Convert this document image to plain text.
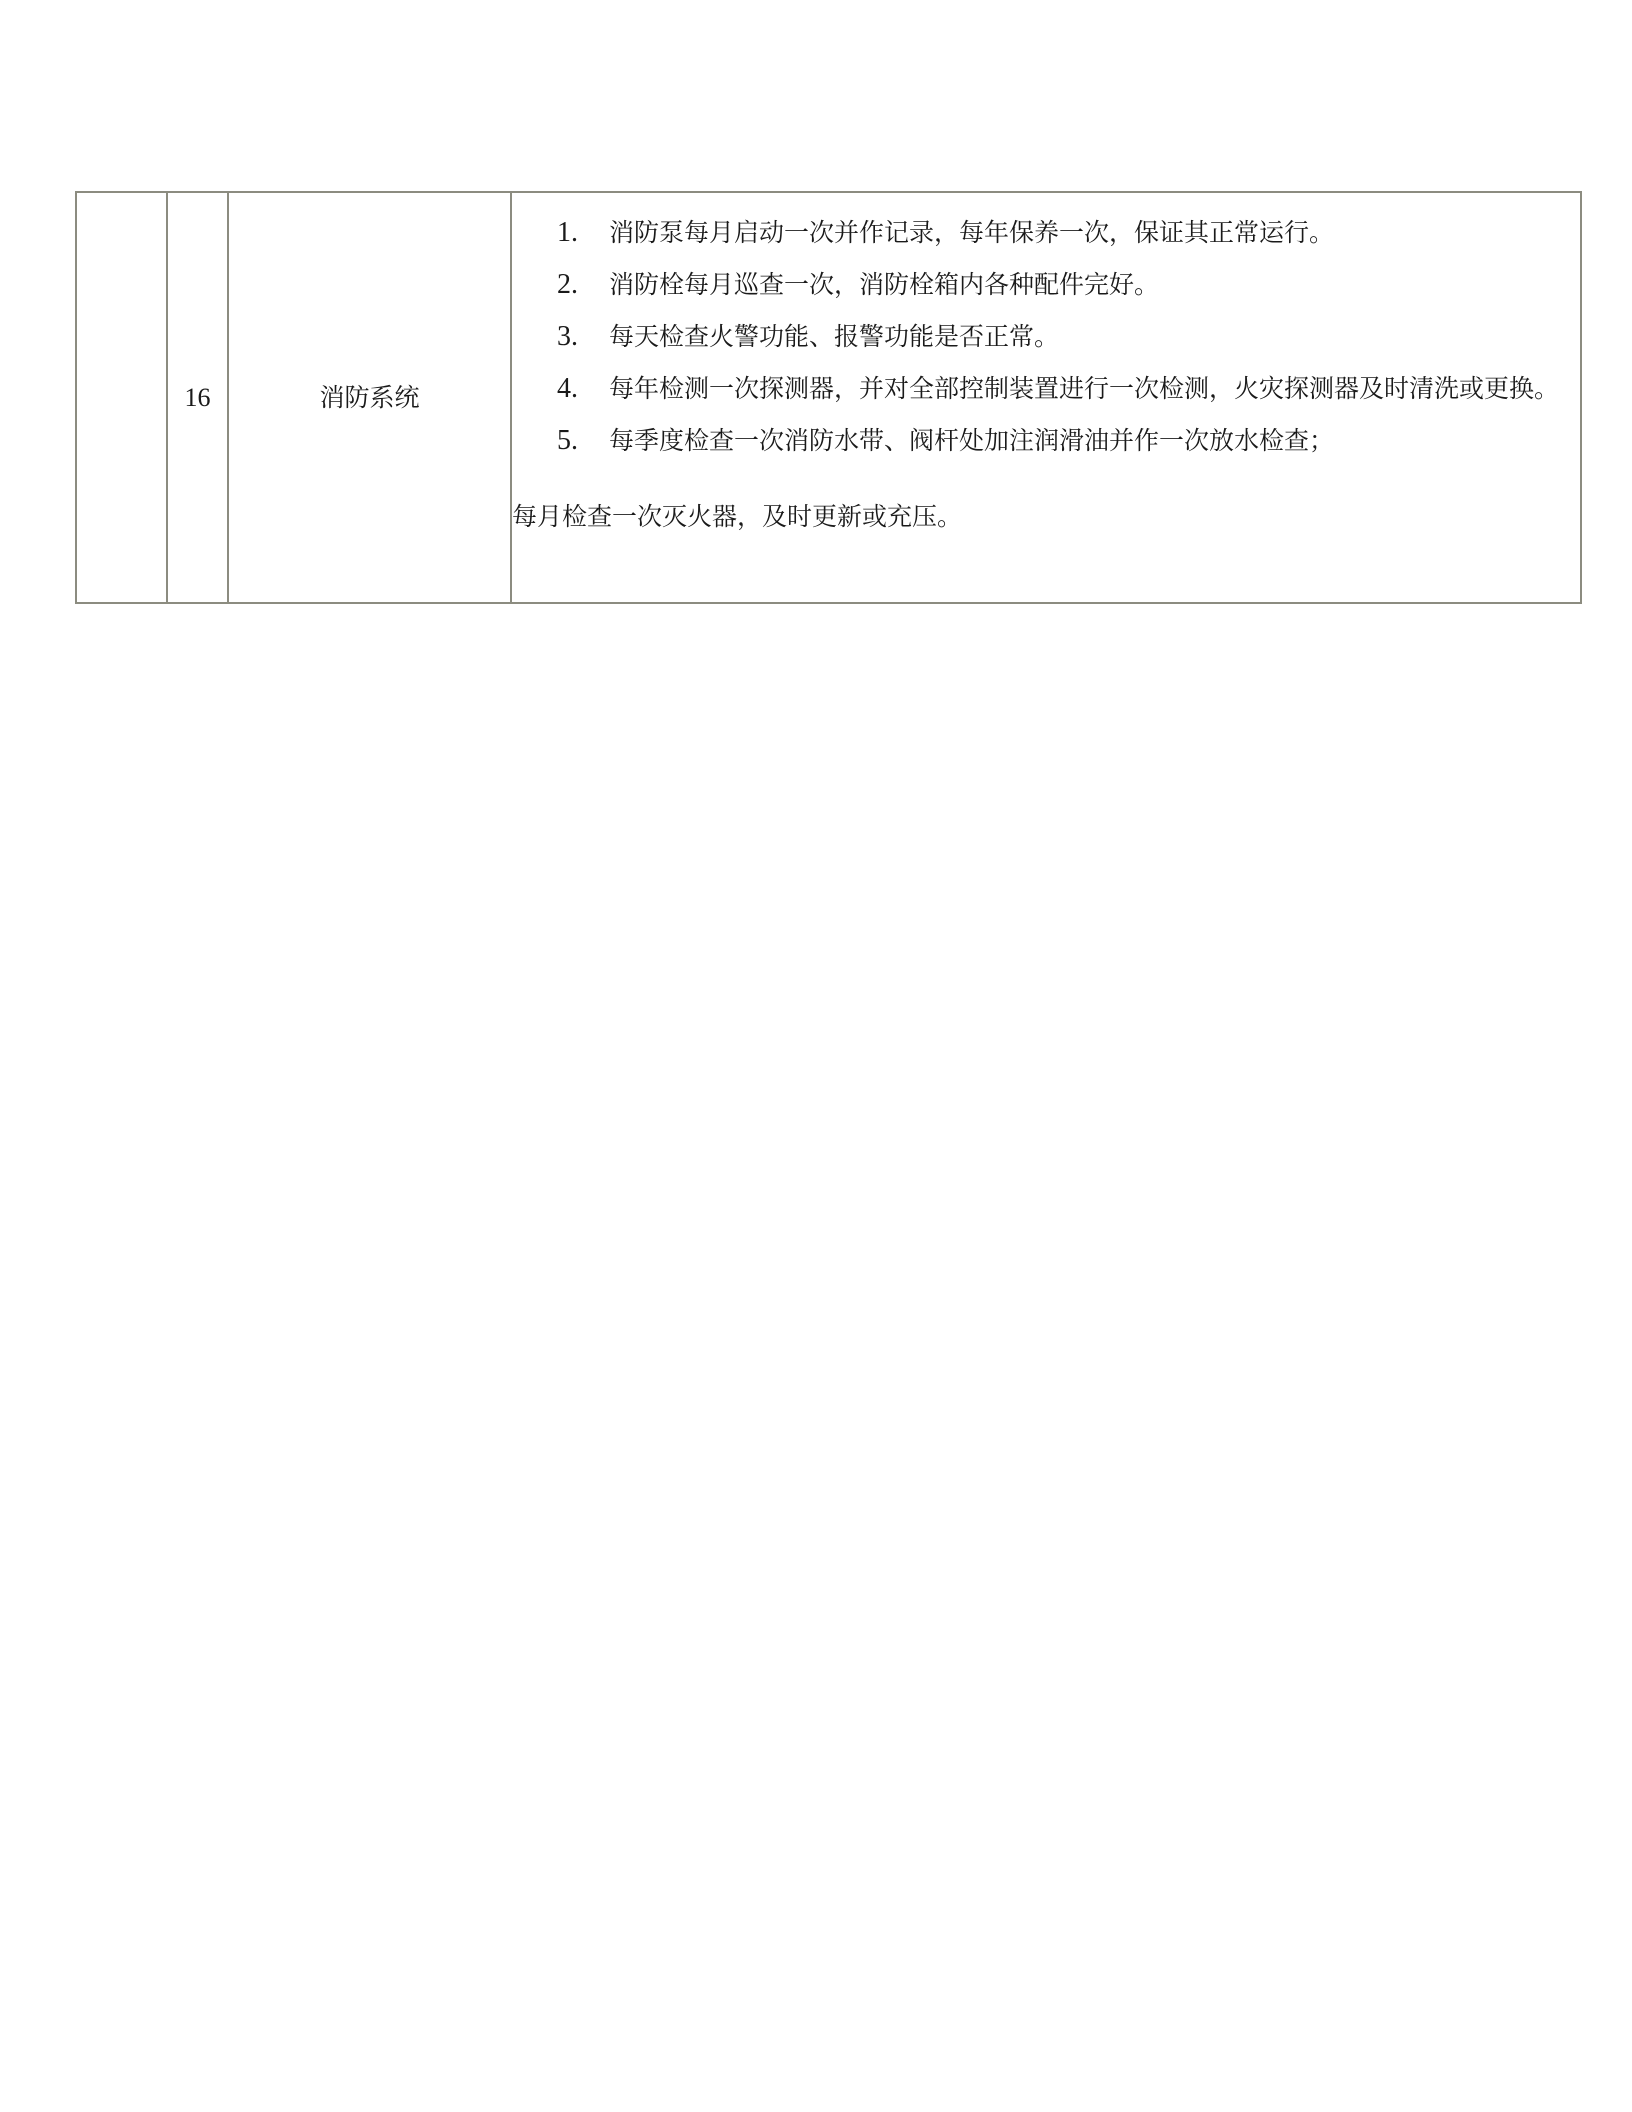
	16	消防系统	
1. 消防泵每月启动一次并作记录，每年保养一次，保证其正常运行。
2. 消防栓每月巡查一次，消防栓箱内各种配件完好。
3. 每天检查火警功能、报警功能是否正常。
4. 每年检测一次探测器，并对全部控制装置进行一次检测，火灾探测器及时清洗或更换。
5. 每季度检查一次消防水带、阀杆处加注润滑油并作一次放水检查；
每月检查一次灭火器，及时更新或充压。
